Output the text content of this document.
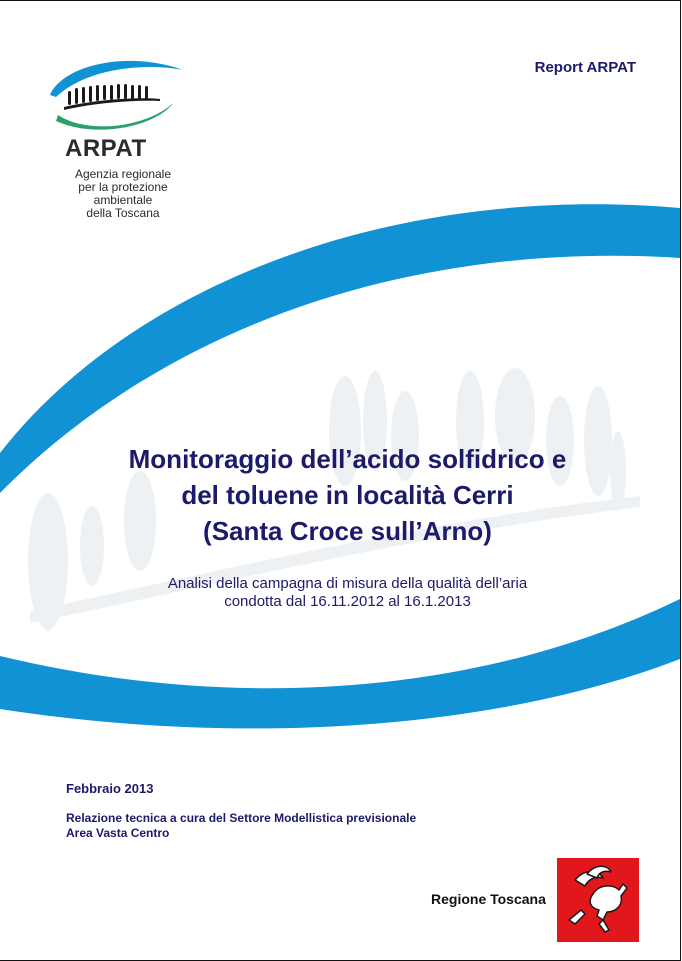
Report ARPAT
ARPAT
Agenzia regionale
per la protezione ambientale
della Toscana
Monitoraggio dell’acido solfidrico e
del toluene in località Cerri
(Santa Croce sull’Arno)
Analisi della campagna di misura della qualità dell’aria
condotta dal 16.11.2012 al 16.1.2013
Febbraio 2013
Relazione tecnica a cura del Settore Modellistica previsionale
Area Vasta Centro
Regione Toscana
